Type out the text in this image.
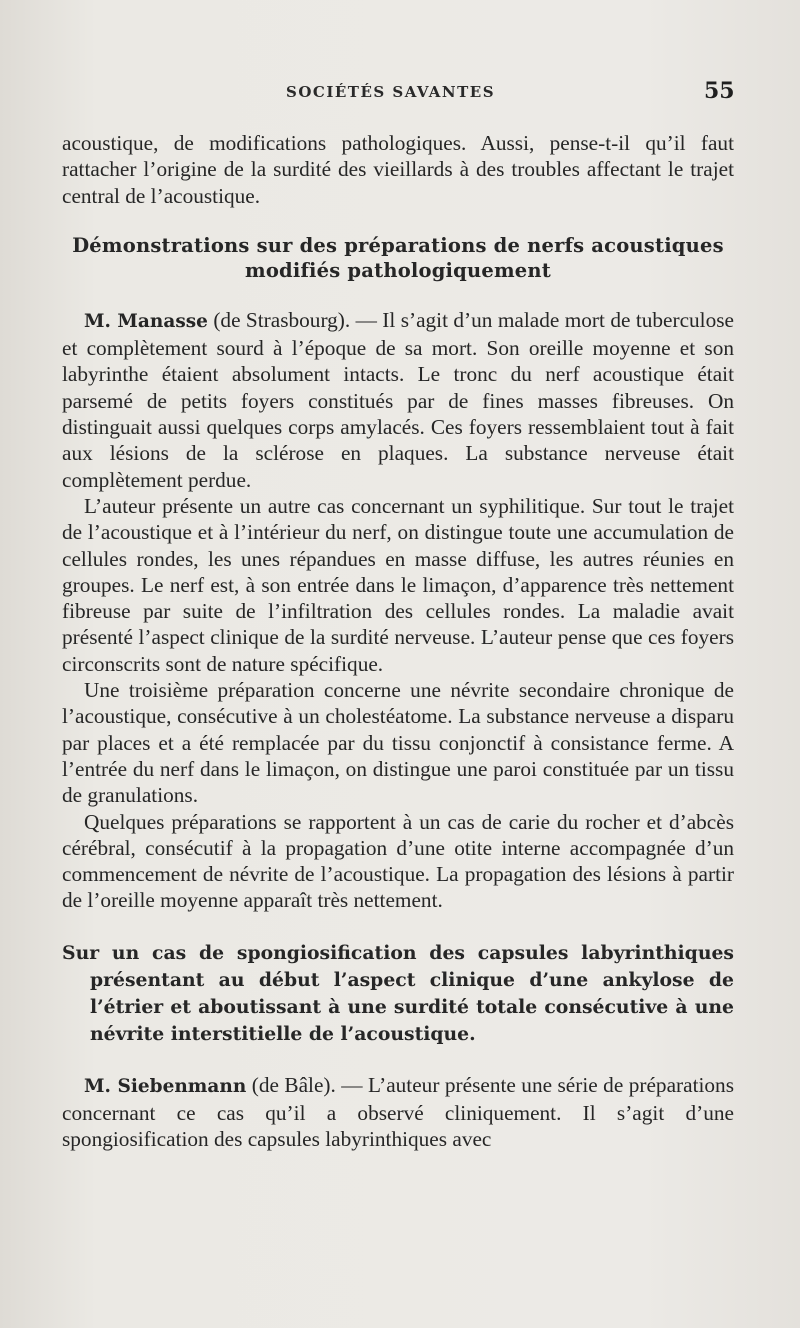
SOCIÉTÉS SAVANTES	55

acoustique, de modifications pathologiques. Aussi, pense-t-il qu’il faut rattacher l’origine de la surdité des vieillards à des troubles affectant le trajet central de l’acoustique.

Démonstrations sur des préparations de nerfs acoustiques modifiés pathologiquement

M. Manasse (de Strasbourg). — Il s’agit d’un malade mort de tuberculose et complètement sourd à l’époque de sa mort. Son oreille moyenne et son labyrinthe étaient absolument intacts. Le tronc du nerf acoustique était parsemé de petits foyers constitués par de fines masses fibreuses. On distinguait aussi quelques corps amylacés. Ces foyers ressemblaient tout à fait aux lésions de la sclérose en plaques. La substance nerveuse était complètement perdue.

L’auteur présente un autre cas concernant un syphilitique. Sur tout le trajet de l’acoustique et à l’intérieur du nerf, on distingue toute une accumulation de cellules rondes, les unes répandues en masse diffuse, les autres réunies en groupes. Le nerf est, à son entrée dans le limaçon, d’apparence très nettement fibreuse par suite de l’infiltration des cellules rondes. La maladie avait présenté l’aspect clinique de la surdité nerveuse. L’auteur pense que ces foyers circonscrits sont de nature spécifique.

Une troisième préparation concerne une névrite secondaire chronique de l’acoustique, consécutive à un cholestéatome. La substance nerveuse a disparu par places et a été remplacée par du tissu conjonctif à consistance ferme. A l’entrée du nerf dans le limaçon, on distingue une paroi constituée par un tissu de granulations.

Quelques préparations se rapportent à un cas de carie du rocher et d’abcès cérébral, consécutif à la propagation d’une otite interne accompagnée d’un commencement de névrite de l’acoustique. La propagation des lésions à partir de l’oreille moyenne apparaît très nettement.

Sur un cas de spongiosification des capsules labyrinthiques présentant au début l’aspect clinique d’une ankylose de l’étrier et aboutissant à une surdité totale consécutive à une névrite interstitielle de l’acoustique.

M. Siebenmann (de Bâle). — L’auteur présente une série de préparations concernant ce cas qu’il a observé cliniquement. Il s’agit d’une spongiosification des capsules labyrinthiques avec
